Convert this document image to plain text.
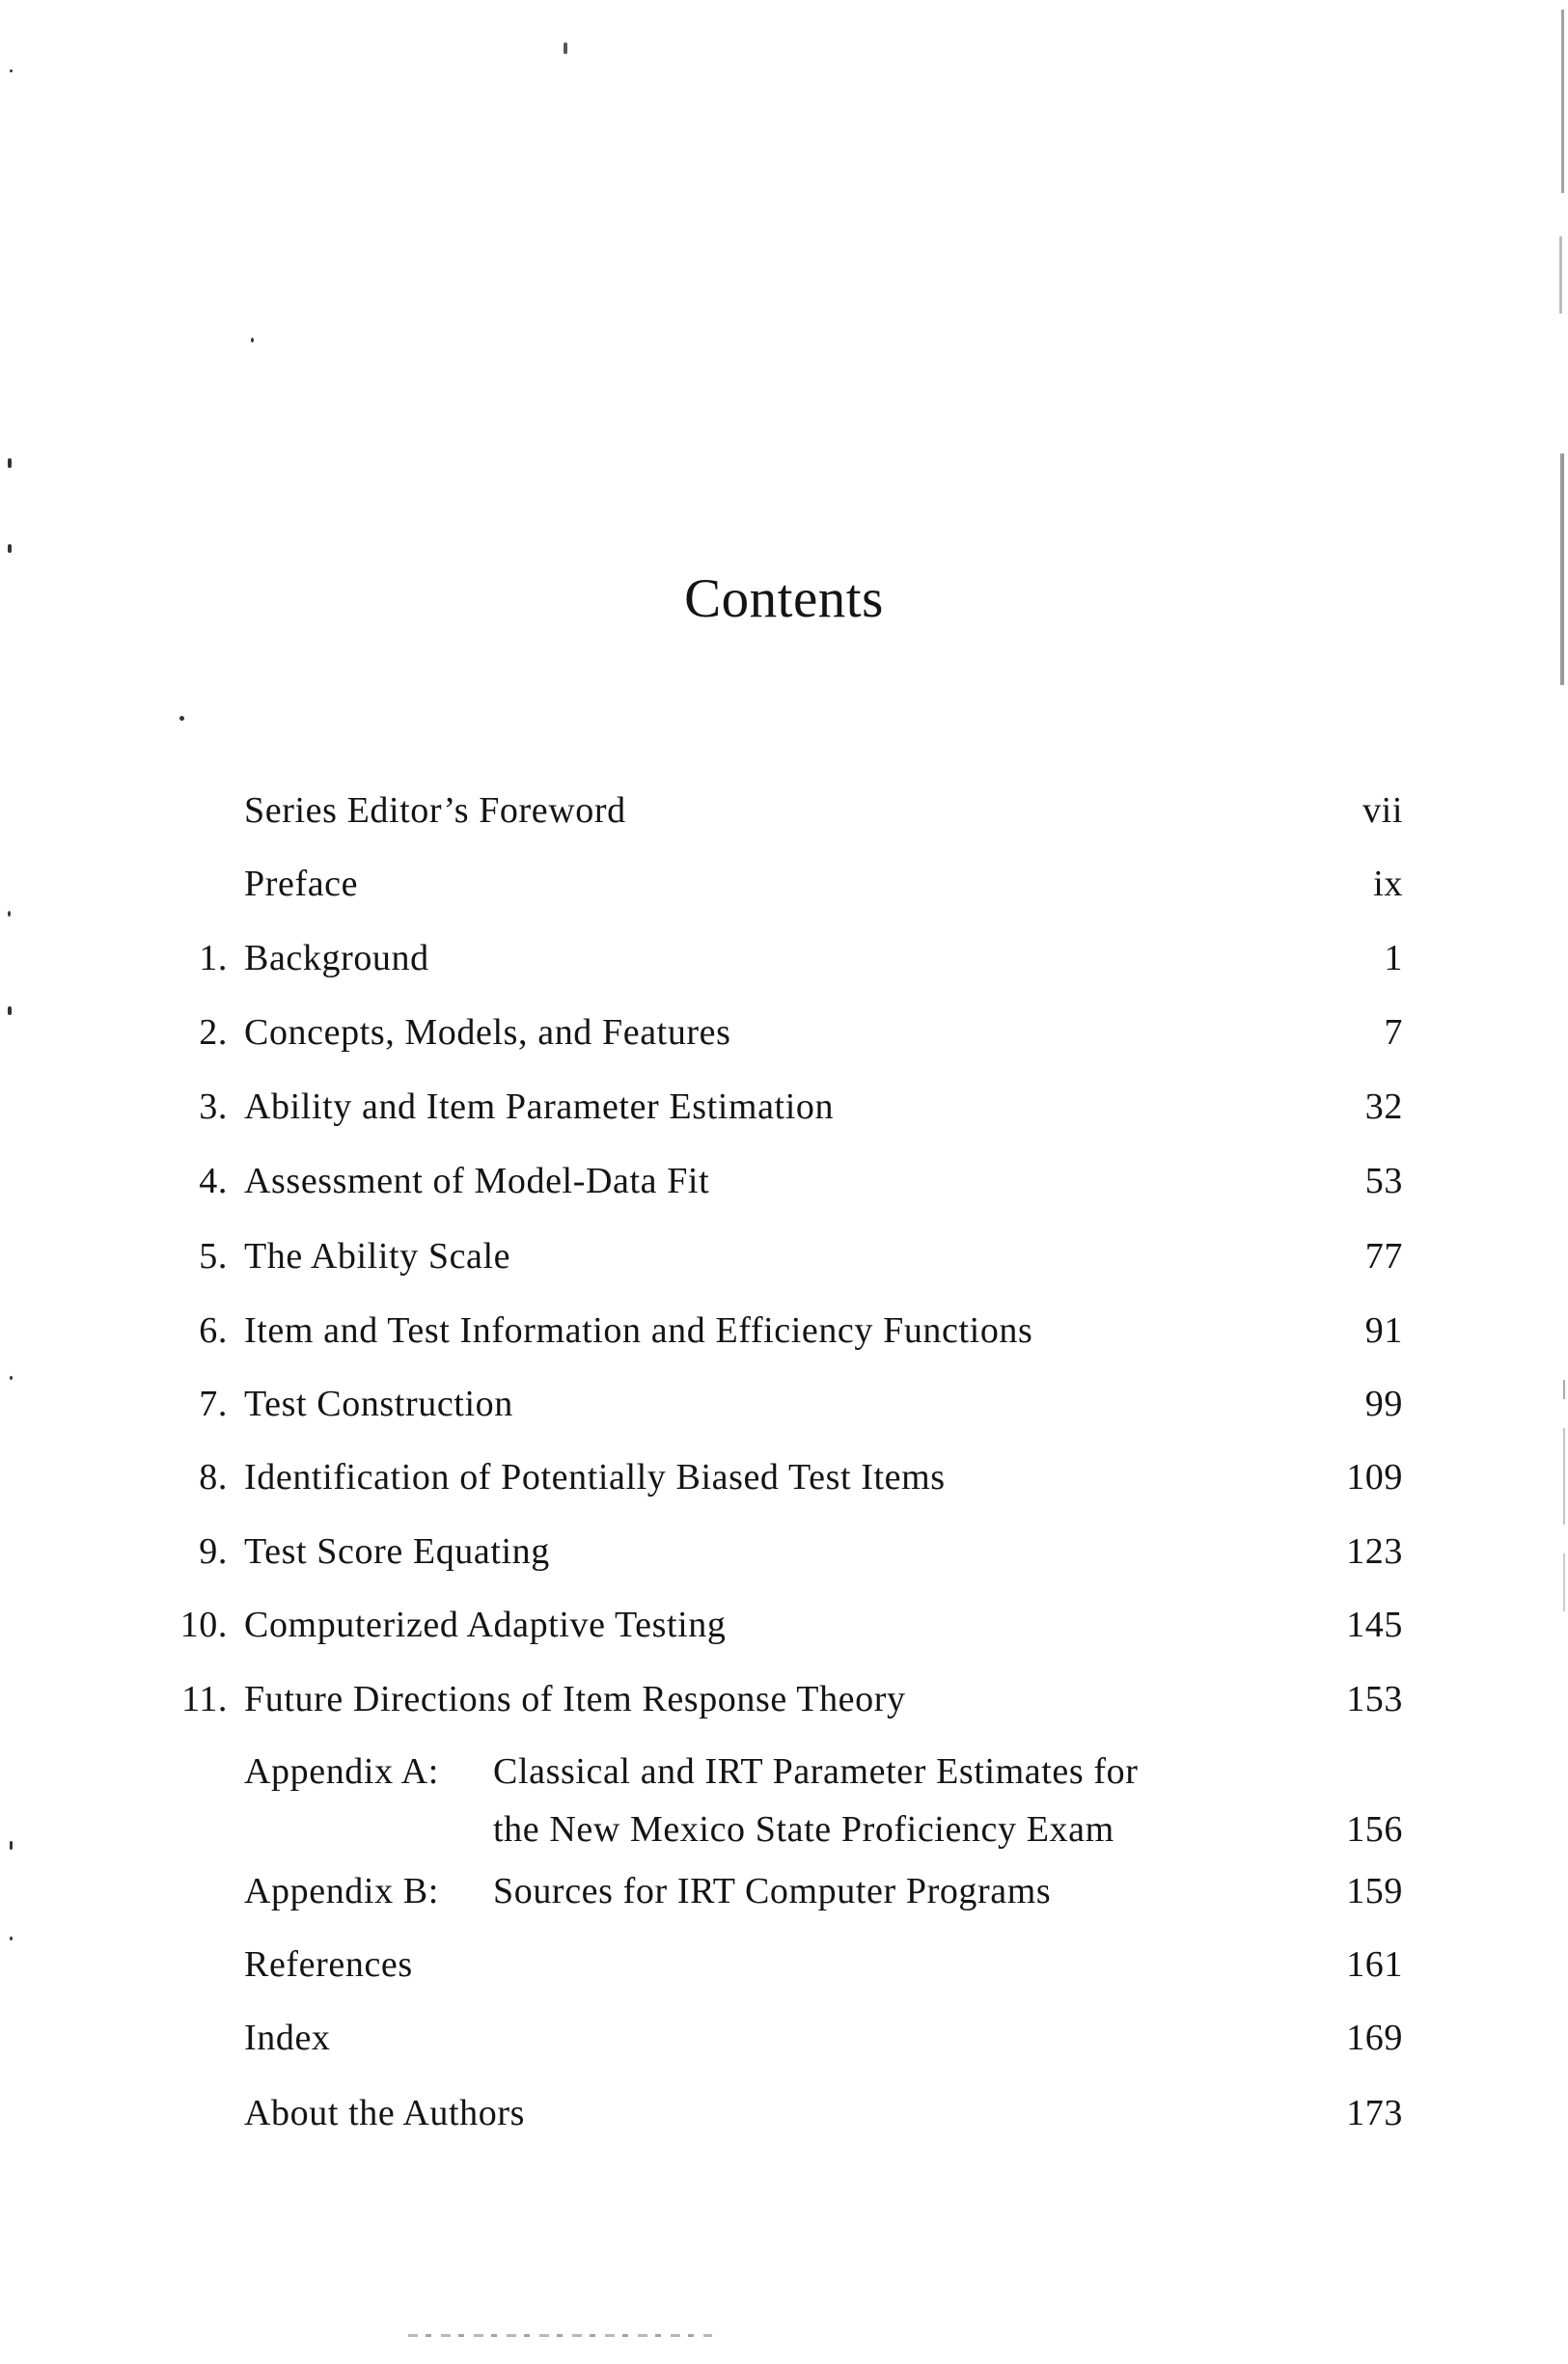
Contents
Series Editor’s Foreword	vii
Preface	ix
1. Background	1
2. Concepts, Models, and Features	7
3. Ability and Item Parameter Estimation	32
4. Assessment of Model-Data Fit	53
5. The Ability Scale	77
6. Item and Test Information and Efficiency Functions	91
7. Test Construction	99
8. Identification of Potentially Biased Test Items	109
9. Test Score Equating	123
10. Computerized Adaptive Testing	145
11. Future Directions of Item Response Theory	153
Appendix A: Classical and IRT Parameter Estimates for
the New Mexico State Proficiency Exam	156
Appendix B: Sources for IRT Computer Programs	159
References	161
Index	169
About the Authors	173
